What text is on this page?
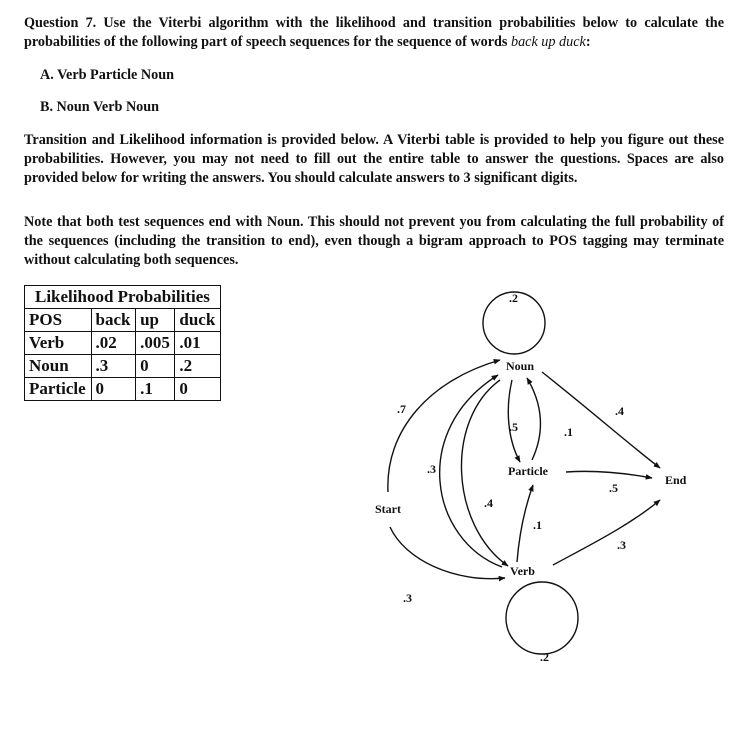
Question 7. Use the Viterbi algorithm with the likelihood and transition probabilities below to calculate the probabilities of the following part of speech sequences for the sequence of words back up duck:
A. Verb Particle Noun
B. Noun Verb Noun
Transition and Likelihood information is provided below. A Viterbi table is provided to help you figure out these probabilities. However, you may not need to fill out the entire table to answer the questions. Spaces are also provided below for writing the answers. You should calculate answers to 3 significant digits.
Note that both test sequences end with Noun. This should not prevent you from calculating the full probability of the sequences (including the transition to end), even though a bigram approach to POS tagging may terminate without calculating both sequences.
Likelihood Probabilities			
POS	back	up	duck
Verb	.02	.005	.01
Noun	.3	0	.2
Particle	0	.1	0
Noun
Particle
Verb
Start
End
.2
.2
.7
.3
.4
.5
.3
.5	.1
.1
.3
.4
